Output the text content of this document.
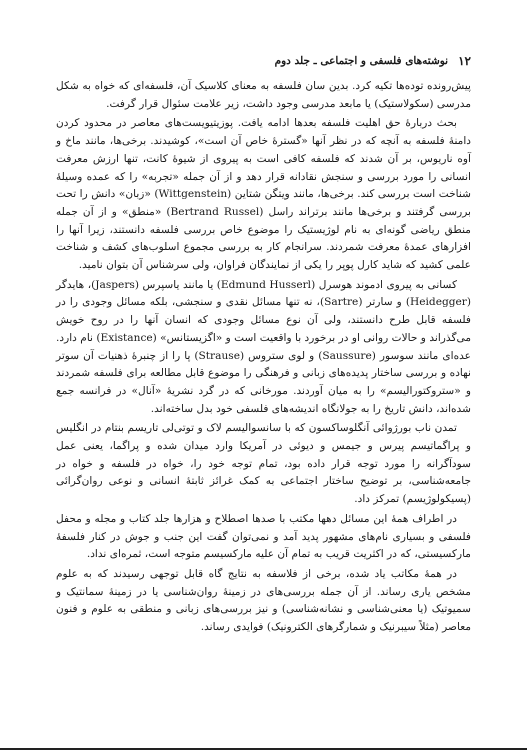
۱۲
نوشته‌های فلسفی و اجتماعی ـ جلد دوم

پیش‌رونده توده‌ها تکیه کرد. بدین سان فلسفه به معنای کلاسیک آن، فلسفه‌ای که خواه به شکل مدرسی (سکولاستیک) یا مابعد مدرسی وجود داشت، زیر علامت سئوال قرار گرفت.

بحث دربارهٔ حق اهلیت فلسفه بعدها ادامه یافت. پوزیتیویست‌های معاصر در محدود کردن دامنهٔ فلسفه به آنچه که در نظر آنها «گسترهٔ خاص آن است»، کوشیدند. برخی‌ها، مانند ماخ و آوه ناریوس، بر آن شدند که فلسفه کافی است به پیروی از شیوهٔ کانت، تنها ارزش معرفت انسانی را مورد بررسی و سنجش نقادانه قرار دهد و از آن جمله «تجربه» را که عمده وسیلهٔ شناخت است بررسی کند. برخی‌ها، مانند ویتگن شتاین (Wittgenstein) «زبان» دانش را تحت بررسی گرفتند و برخی‌ها مانند برتراند راسل (Bertrand Russel) «منطق» و از آن جمله منطق ریاضی گونه‌ای به نام لوژیستیک را موضوع خاص بررسی فلسفه دانستند، زیرا آنها را افزارهای عمدهٔ معرفت شمردند. سرانجام کار به بررسی مجموع اسلوب‌های کشف و شناخت علمی کشید که شاید کارل پوپر را یکی از نمایندگان فراوان، ولی سرشناس آن بتوان نامید.

کسانی به پیروی ادموند هوسرل (Edmund Husserl) یا مانند یاسپرس (Jaspers)، هایدگر (Heidegger) و سارتر (Sartre)، نه تنها مسائل نقدی و سنجشی، بلکه مسائل وجودی را در فلسفه قابل طرح دانستند، ولی آن نوع مسائل وجودی که انسان آنها را در روح خویش می‌گذراند و حالات روانی او در برخورد با واقعیت است و «اگزیستانس» (Existance) نام دارد. عده‌ای مانند سوسور (Saussure) و لوی ستروس (Strause) پا را از چنبرهٔ ذهنیات آن سوتر نهاده و بررسی ساختار پدیده‌های زبانی و فرهنگی را موضوع قابل مطالعه برای فلسفه شمردند و «ستروکتورالیسم» را به میان آوردند. مورخانی که در گرد نشریهٔ «آنال» در فرانسه جمع شده‌اند، دانش تاریخ را به جولانگاه اندیشه‌های فلسفی خود بدل ساخته‌اند.

تمدن ناب بورژوائی آنگلوساکسون که با سانسوالیسم لاک و توتی‌لی تاریسم بنتام در انگلیس و پراگماتیسم پیرس و جیمس و دیوئی در آمریکا وارد میدان شده و پراگما، یعنی عمل سودآگرانه را مورد توجه قرار داده بود، تمام توجه خود را، خواه در فلسفه و خواه در جامعه‌شناسی، بر توضیح ساختار اجتماعی به کمک غرائز ثابتهٔ انسانی و نوعی روان‌گرائی (پسیکولوژیسم) تمرکز داد.

در اطراف همهٔ این مسائل دهها مکتب با صدها اصطلاح و هزارها جلد کتاب و مجله و محفل فلسفی و بسیاری نام‌های مشهور پدید آمد و نمی‌توان گفت این جنب و جوش در کنار فلسفهٔ مارکسیستی، که در اکثریت قریب به تمام آن علیه مارکسیسم متوجه است، ثمره‌ای نداد.

در همهٔ مکاتب یاد شده، برخی از فلاسفه به نتایج گاه قابل توجهی رسیدند که به علوم مشخص یاری رساند. از آن جمله بررسی‌های در زمینهٔ روان‌شناسی یا در زمینهٔ سمانتیک و سمیوتیک (یا معنی‌شناسی و نشانه‌شناسی) و نیز بررسی‌های زبانی و منطقی به علوم و فنون معاصر (مثلاً سیبرنیک و شمارگرهای الکترونیک) فوایدی رساند.
